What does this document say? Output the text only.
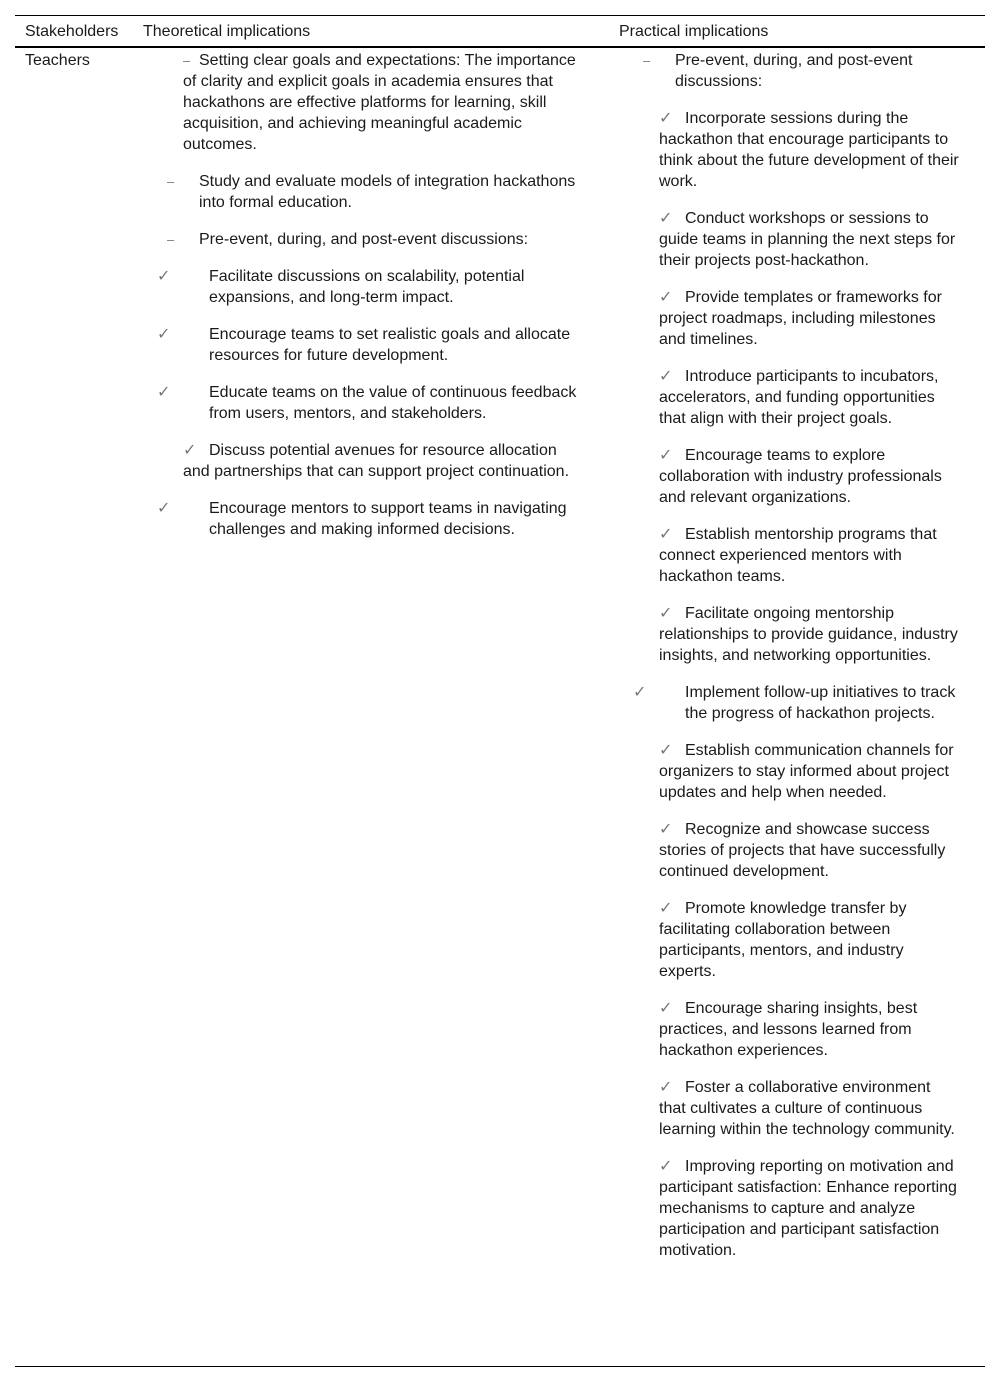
Stakeholders Theoretical implications	Practical implications
Teachers	– Setting clear goals and expectations: The importance of clarity and explicit goals in academia ensures that hackathons are effective platforms for learning, skill acquisition, and achieving meaningful academic outcomes.
– Study and evaluate models of integration hackathons into formal education.
– Pre-event, during, and post-event discussions:
✓ Facilitate discussions on scalability, potential expansions, and long-term impact.
✓ Encourage teams to set realistic goals and allocate resources for future development.
✓ Educate teams on the value of continuous feedback from users, mentors, and stakeholders.
✓ Discuss potential avenues for resource allocation and partnerships that can support project continuation.
✓ Encourage mentors to support teams in navigating challenges and making informed decisions.
– Pre-event, during, and post-event discussions:
✓ Incorporate sessions during the hackathon that encourage participants to think about the future development of their work.
✓ Conduct workshops or sessions to guide teams in planning the next steps for their projects post-hackathon.
✓ Provide templates or frameworks for project roadmaps, including milestones and timelines.
✓ Introduce participants to incubators, accelerators, and funding opportunities that align with their project goals.
✓ Encourage teams to explore collaboration with industry professionals and relevant organizations.
✓ Establish mentorship programs that connect experienced mentors with hackathon teams.
✓ Facilitate ongoing mentorship relationships to provide guidance, industry insights, and networking opportunities.
✓ Implement follow-up initiatives to track the progress of hackathon projects.
✓ Establish communication channels for organizers to stay informed about project updates and help when needed.
✓ Recognize and showcase success stories of projects that have successfully continued development.
✓ Promote knowledge transfer by facilitating collaboration between participants, mentors, and industry experts.
✓ Encourage sharing insights, best practices, and lessons learned from hackathon experiences.
✓ Foster a collaborative environment that cultivates a culture of continuous learning within the technology community.
✓ Improving reporting on motivation and participant satisfaction: Enhance reporting mechanisms to capture and analyze participation and participant satisfaction motivation.
